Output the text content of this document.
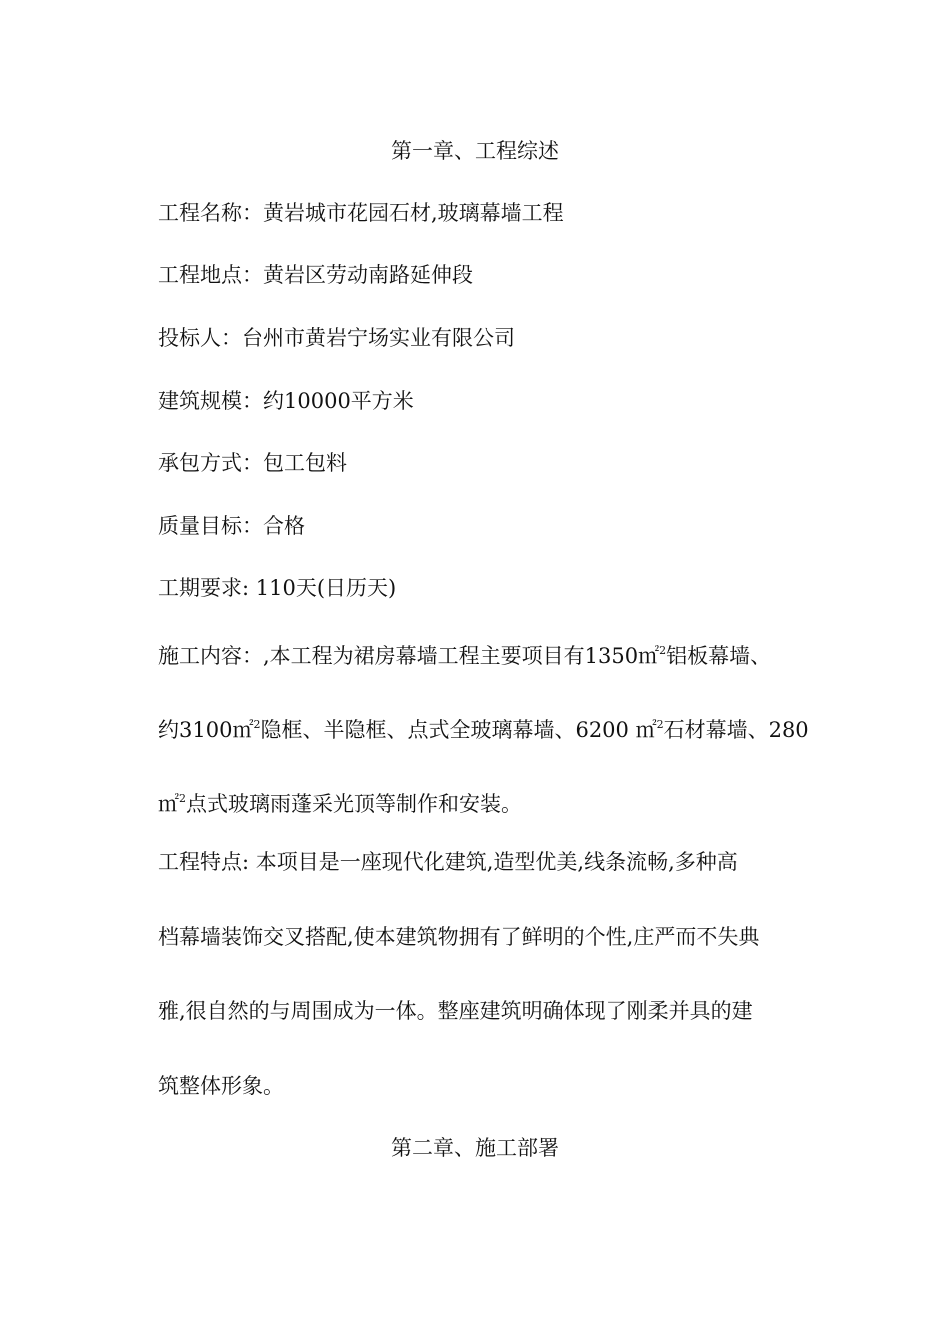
第一章、工程综述
工程名称：黄岩城市花园石材,玻璃幕墙工程
工程地点：黄岩区劳动南路延伸段
投标人：台州市黄岩宁场实业有限公司
建筑规模：约10000平方米
承包方式：包工包料
质量目标：合格
工期要求: 110天(日历天)
施工内容：,本工程为裙房幕墙工程主要项目有1350㎡$^2$铝板幕墙、
约3100㎡$^2$隐框、半隐框、点式全玻璃幕墙、6200 ㎡$^2$石材幕墙、280
㎡$^2$点式玻璃雨蓬采光顶等制作和安装。
工程特点: 本项目是一座现代化建筑,造型优美,线条流畅,多种高
档幕墙装饰交叉搭配,使本建筑物拥有了鲜明的个性,庄严而不失典
雅,很自然的与周围成为一体。整座建筑明确体现了刚柔并具的建
筑整体形象。
第二章、施工部署
